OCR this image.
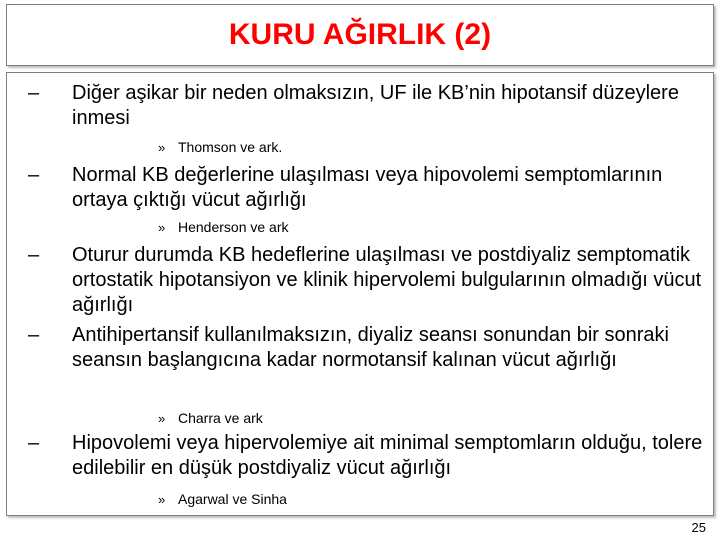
KURU AĞIRLIK (2)
–	Diğer aşikar bir neden olmaksızın, UF ile KB’nin hipotansif düzeylere inmesi
» Thomson ve ark.
–	Normal KB değerlerine ulaşılması veya hipovolemi semptomlarının ortaya çıktığı vücut ağırlığı
» Henderson ve ark
–	Oturur durumda KB hedeflerine ulaşılması ve postdiyaliz semptomatik ortostatik hipotansiyon ve klinik hipervolemi bulgularının olmadığı vücut ağırlığı
–	Antihipertansif kullanılmaksızın, diyaliz seansı sonundan bir sonraki seansın başlangıcına kadar normotansif kalınan vücut ağırlığı
» Charra ve ark
–	Hipovolemi veya hipervolemiye ait minimal semptomların olduğu, tolere edilebilir en düşük postdiyaliz vücut ağırlığı
» Agarwal ve Sinha
25
